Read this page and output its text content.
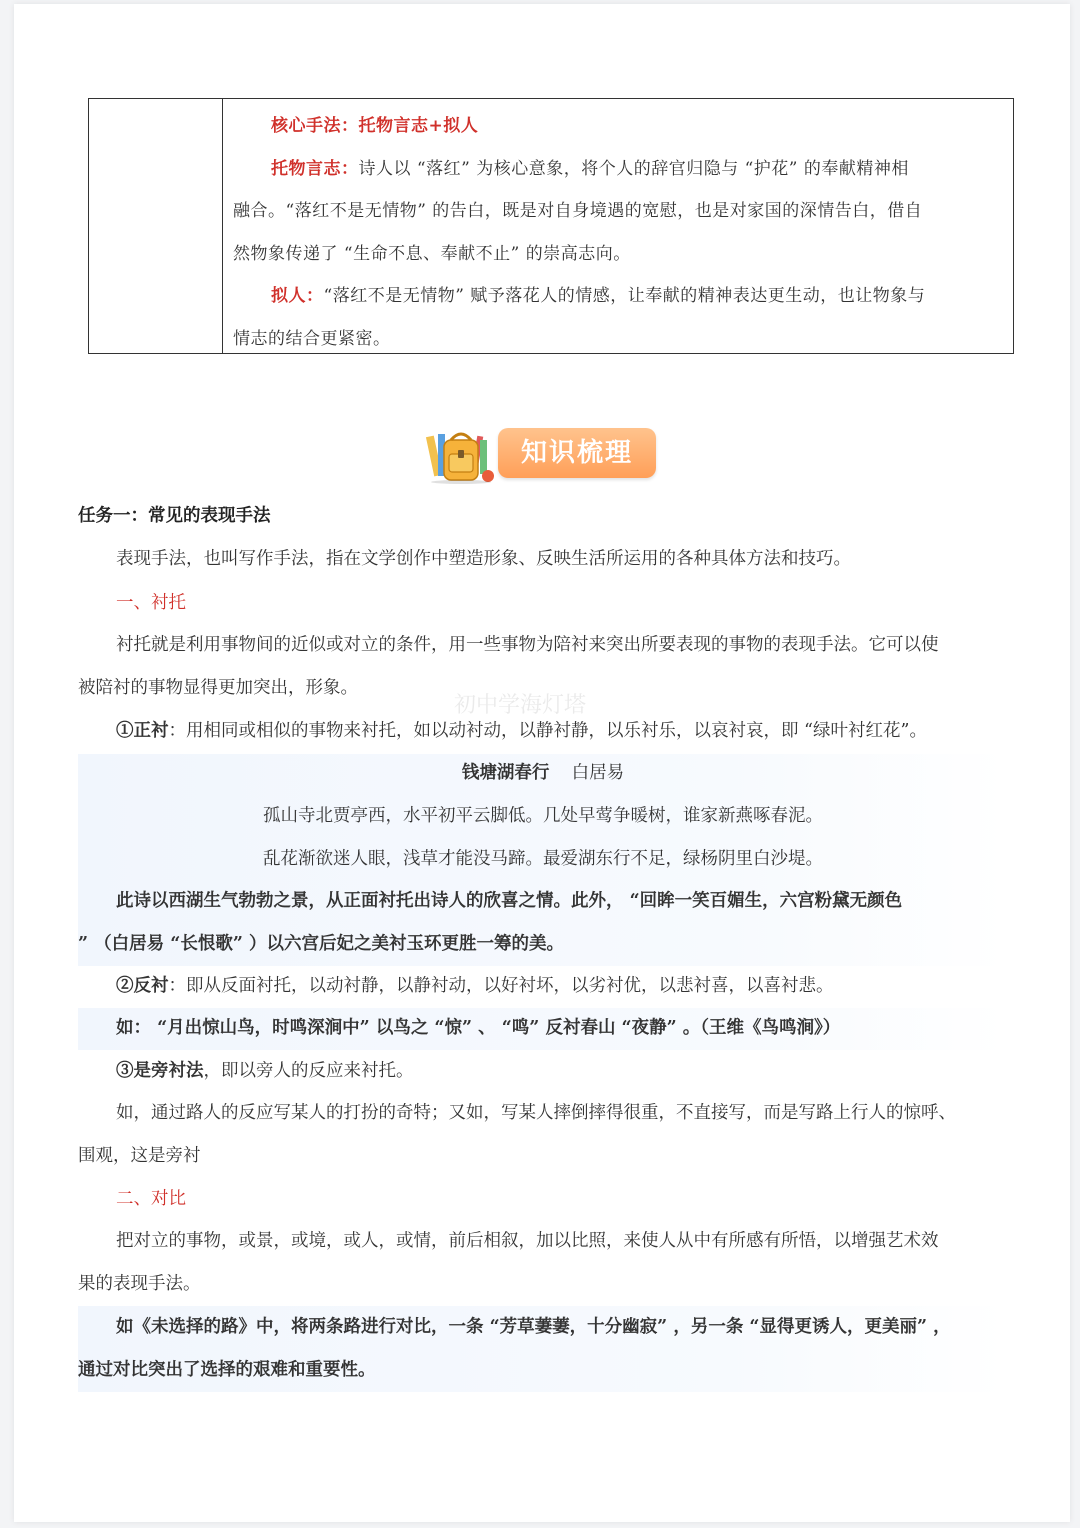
核心手法：托物言志+拟人

托物言志：诗人以 “落红” 为核心意象，将个人的辞官归隐与 “护花” 的奉献精神相

融合。“落红不是无情物” 的告白，既是对自身境遇的宽慰，也是对家国的深情告白，借自

然物象传递了 “生命不息、奉献不止” 的崇高志向。

拟人：“落红不是无情物” 赋予落花人的情感，让奉献的精神表达更生动，也让物象与

情志的结合更紧密。

知识梳理
任务一：常见的表现手法
表现手法，也叫写作手法，指在文学创作中塑造形象、反映生活所运用的各种具体方法和技巧。
一、衬托
衬托就是利用事物间的近似或对立的条件，用一些事物为陪衬来突出所要表现的事物的表现手法。它可以使
被陪衬的事物显得更加突出，形象。
初中学海灯塔
①正衬：用相同或相似的事物来衬托，如以动衬动，以静衬静，以乐衬乐，以哀衬哀，即 “绿叶衬红花”。
钱塘湖春行 白居易
孤山寺北贾亭西，水平初平云脚低。几处早莺争暖树，谁家新燕啄春泥。
乱花渐欲迷人眼，浅草才能没马蹄。最爱湖东行不足，绿杨阴里白沙堤。
此诗以西湖生气勃勃之景，从正面衬托出诗人的欣喜之情。此外， “回眸一笑百媚生，六宫粉黛无颜色
” （白居易 “长恨歌” ）以六宫后妃之美衬玉环更胜一筹的美。
②反衬：即从反面衬托，以动衬静，以静衬动，以好衬坏，以劣衬优，以悲衬喜，以喜衬悲。
如： “月出惊山鸟，时鸣深涧中” 以鸟之 “惊” 、 “鸣” 反衬春山 “夜静” 。（王维《鸟鸣涧》）
③是旁衬法，即以旁人的反应来衬托。
如，通过路人的反应写某人的打扮的奇特；又如，写某人摔倒摔得很重，不直接写，而是写路上行人的惊呼、
围观，这是旁衬
二、对比
把对立的事物，或景，或境，或人，或情，前后相叙，加以比照，来使人从中有所感有所悟，以增强艺术效
果的表现手法。
如《未选择的路》中，将两条路进行对比，一条 “芳草萋萋，十分幽寂” ，另一条 “显得更诱人，更美丽” ，
通过对比突出了选择的艰难和重要性。
